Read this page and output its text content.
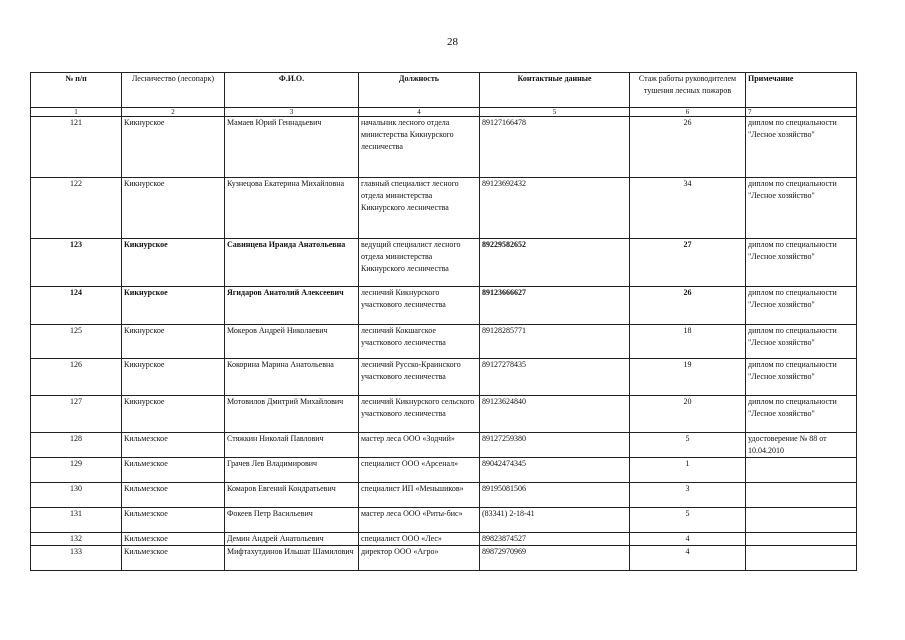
28
№ п/п	Лесничество (лесопарк)	Ф.И.О.	Должность	Контактные данные	Стаж работы руководителем тушения лесных пожаров	Примечание
1	2	3	4	5	6	7
121	Кикнурское	Мамаев Юрий Геннадьевич	начальник лесного отдела министерства Кикнурского лесничества	89127166478	26	диплом по специальности "Лесное хозяйство"
122	Кикнурское	Кузнецова Екатерина Михайловна	главный специалист лесного отдела министерства Кикнурского лесничества	89123692432	34	диплом по специальности "Лесное хозяйство"
123	Кикнурское	Савинцева Ираида Анатольевна	ведущий специалист лесного отдела министерства Кикнурского лесничества	89229582652	27	диплом по специальности "Лесное хозяйство"
124	Кикнурское	Ягидаров Анатолий Алексеевич	лесничий Кикнурского участкового лесничества	89123666627	26	диплом по специальности "Лесное хозяйство"
125	Кикнурское	Мокеров Андрей Николаевич	лесничий Кокшагское участкового лесничества	89128285771	18	диплом по специальности "Лесное хозяйство"
126	Кикнурское	Кокорина Марина Анатольевна	лесничий Русско-Краинского участкового лесничества	89127278435	19	диплом по специальности "Лесное хозяйство"
127	Кикнурское	Мотовилов Дмитрий Михайлович	лесничий Кикнурского сельского участкового лесничества	89123624840	20	диплом по специальности "Лесное хозяйство"
128	Кильмезское	Стяжкин Николай Павлович	мастер леса ООО «Зодчий»	89127259380	5	удостоверение № 88 от 10.04.2010
129	Кильмезское	Грачев Лев Владимирович	специалист ООО «Арсенал»	89042474345	1	
130	Кильмезское	Комаров Евгений Кондратьевич	специалист ИП «Меньшиков»	89195081506	3	
131	Кильмезское	Фокеев Петр Васильевич	мастер леса ООО «Риты-бис»	(83341) 2-18-41	5	
132	Кильмезское	Демин Андрей Анатольевич	специалист ООО «Лес»	89823874527	4	
133	Кильмезское	Мифтахутдинов Ильшат Шамилович	директор ООО «Агро»	89872970969	4	
